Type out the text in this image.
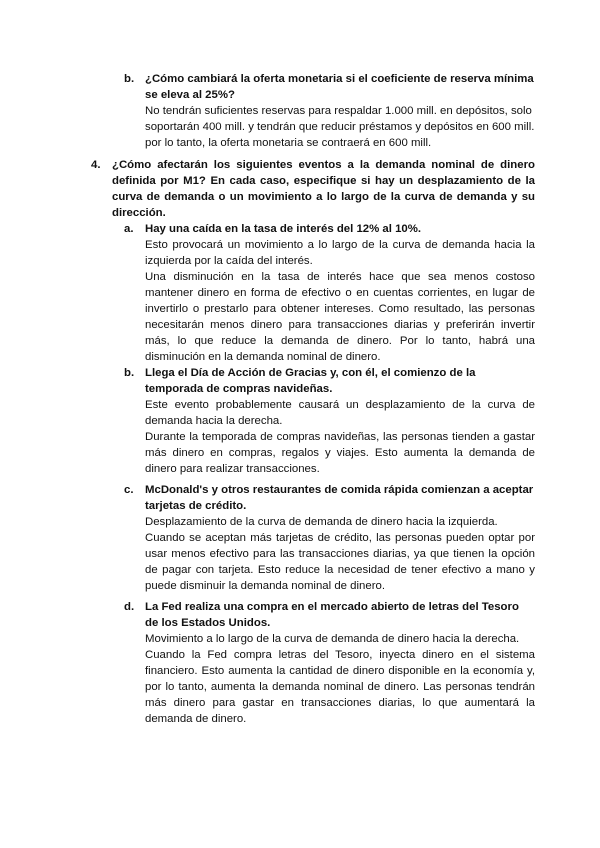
b. ¿Cómo cambiará la oferta monetaria si el coeficiente de reserva mínima se eleva al 25%?

No tendrán suficientes reservas para respaldar 1.000 mill. en depósitos, solo soportarán 400 mill. y tendrán que reducir préstamos y depósitos en 600 mill. por lo tanto, la oferta monetaria se contraerá en 600 mill.

4. ¿Cómo afectarán los siguientes eventos a la demanda nominal de dinero definida por M1? En cada caso, especifique si hay un desplazamiento de la curva de demanda o un movimiento a lo largo de la curva de demanda y su dirección.

a. Hay una caída en la tasa de interés del 12% al 10%.

Esto provocará un movimiento a lo largo de la curva de demanda hacia la izquierda por la caída del interés.

Una disminución en la tasa de interés hace que sea menos costoso mantener dinero en forma de efectivo o en cuentas corrientes, en lugar de invertirlo o prestarlo para obtener intereses. Como resultado, las personas necesitarán menos dinero para transacciones diarias y preferirán invertir más, lo que reduce la demanda de dinero. Por lo tanto, habrá una disminución en la demanda nominal de dinero.

b. Llega el Día de Acción de Gracias y, con él, el comienzo de la temporada de compras navideñas.

Este evento probablemente causará un desplazamiento de la curva de demanda hacia la derecha.

Durante la temporada de compras navideñas, las personas tienden a gastar más dinero en compras, regalos y viajes. Esto aumenta la demanda de dinero para realizar transacciones.

c. McDonald's y otros restaurantes de comida rápida comienzan a aceptar tarjetas de crédito.

Desplazamiento de la curva de demanda de dinero hacia la izquierda.

Cuando se aceptan más tarjetas de crédito, las personas pueden optar por usar menos efectivo para las transacciones diarias, ya que tienen la opción de pagar con tarjeta. Esto reduce la necesidad de tener efectivo a mano y puede disminuir la demanda nominal de dinero.

d. La Fed realiza una compra en el mercado abierto de letras del Tesoro de los Estados Unidos.

Movimiento a lo largo de la curva de demanda de dinero hacia la derecha.

Cuando la Fed compra letras del Tesoro, inyecta dinero en el sistema financiero. Esto aumenta la cantidad de dinero disponible en la economía y, por lo tanto, aumenta la demanda nominal de dinero. Las personas tendrán más dinero para gastar en transacciones diarias, lo que aumentará la demanda de dinero.
